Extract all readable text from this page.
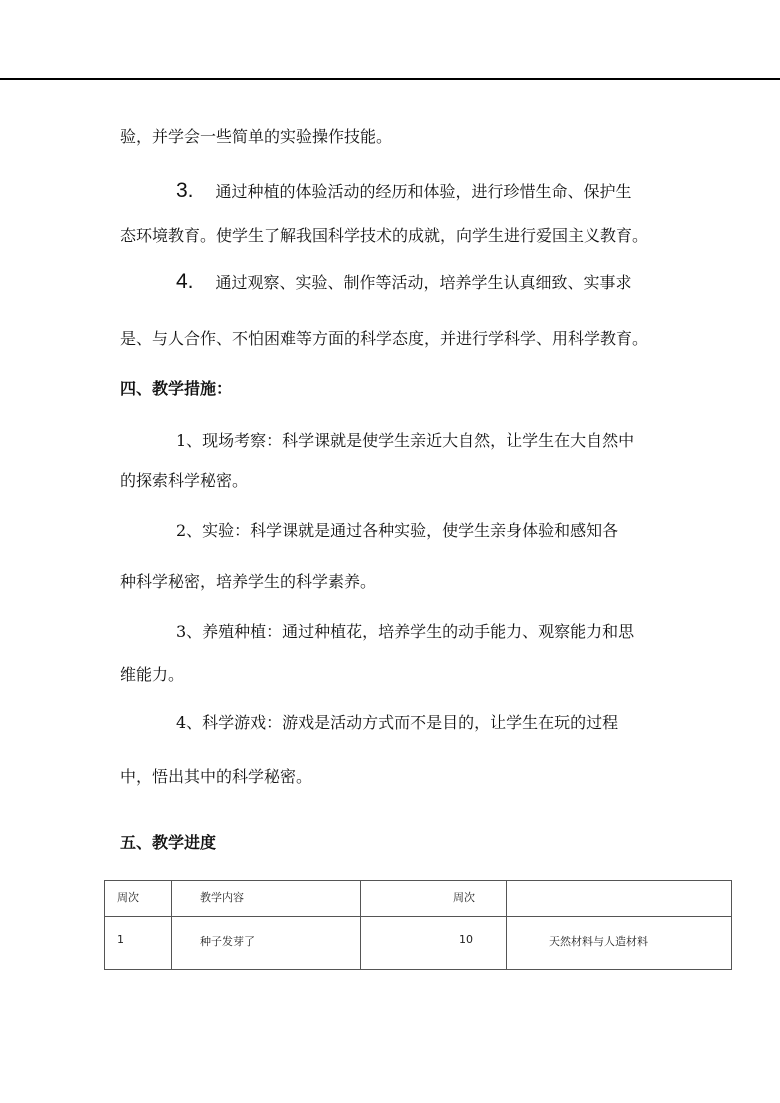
验，并学会一些简单的实验操作技能。
3. 通过种植的体验活动的经历和体验，进行珍惜生命、保护生
态环境教育。使学生了解我国科学技术的成就，向学生进行爱国主义教育。
4. 通过观察、实验、制作等活动，培养学生认真细致、实事求
是、与人合作、不怕困难等方面的科学态度，并进行学科学、用科学教育。
四、教学措施：
1、现场考察：科学课就是使学生亲近大自然，让学生在大自然中
的探索科学秘密。
2、实验：科学课就是通过各种实验，使学生亲身体验和感知各
种科学秘密，培养学生的科学素养。
3、养殖种植：通过种植花，培养学生的动手能力、观察能力和思
维能力。
4、科学游戏：游戏是活动方式而不是目的，让学生在玩的过程
中，悟出其中的科学秘密。
五、教学进度
周次	教学内容	周次	

1	种子发芽了	10	天然材料与人造材料
